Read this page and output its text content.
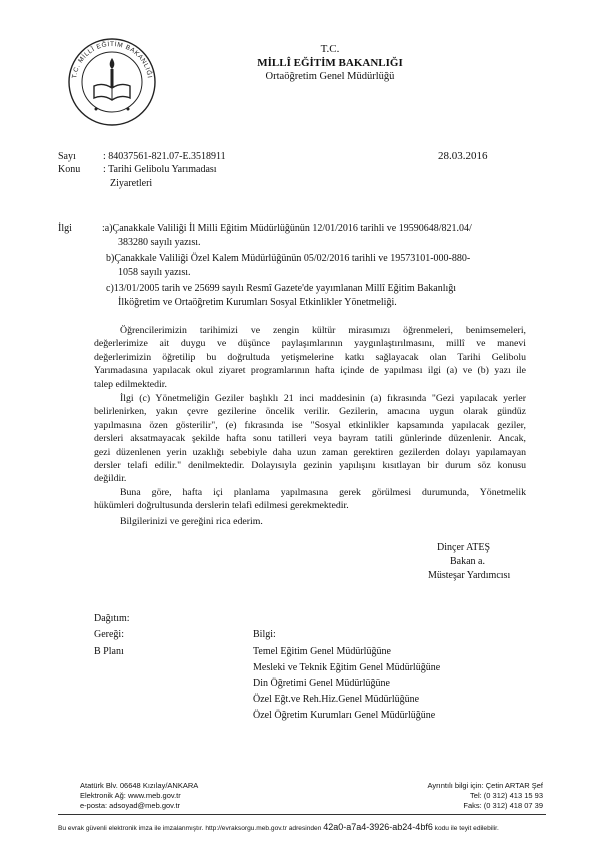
T.C. MİLLÎ EĞİTİM BAKANLIĞI
T.C.
MİLLÎ EĞİTİM BAKANLIĞI
Ortaöğretim Genel Müdürlüğü
Sayı	: 84037561-821.07-E.3518911	28.03.2016
Konu : Tarihi Gelibolu Yarımadası
Ziyaretleri
İlgi	:a)Çanakkale Valiliği İl Milli Eğitim Müdürlüğünün 12/01/2016 tarihli ve 19590648/821.04/
383280 sayılı yazısı.
b)Çanakkale Valiliği Özel Kalem Müdürlüğünün 05/02/2016 tarihli ve 19573101-000-880-
1058 sayılı yazısı.
c)13/01/2005 tarih ve 25699 sayılı Resmî Gazete'de yayımlanan Millî Eğitim Bakanlığı
İlköğretim ve Ortaöğretim Kurumları Sosyal Etkinlikler Yönetmeliği.
Öğrencilerimizin tarihimizi ve zengin kültür mirasımızı öğrenmeleri, benimsemeleri,
değerlerimize ait duygu ve düşünce paylaşımlarının yaygınlaştırılmasını, millî ve manevi
değerlerimizin öğretilip bu doğrultuda yetişmelerine katkı sağlayacak olan Tarihi Gelibolu
Yarımadasına yapılacak okul ziyaret programlarının hafta içinde de yapılması ilgi (a) ve (b) yazı ile
talep edilmektedir.
İlgi (c) Yönetmeliğin Geziler başlıklı 21 inci maddesinin (a) fıkrasında "Gezi yapılacak yerler
belirlenirken, yakın çevre gezilerine öncelik verilir. Gezilerin, amacına uygun olarak gündüz
yapılmasına özen gösterilir", (e) fıkrasında ise "Sosyal etkinlikler kapsamında yapılacak geziler,
dersleri aksatmayacak şekilde hafta sonu tatilleri veya bayram tatili günlerinde düzenlenir. Ancak,
gezi düzenlenen yerin uzaklığı sebebiyle daha uzun zaman gerektiren gezilerden dolayı yapılamayan
dersler telafi edilir." denilmektedir. Dolayısıyla gezinin yapılışını kısıtlayan bir durum söz konusu
değildir.
Buna göre, hafta içi planlama yapılmasına gerek görülmesi durumunda, Yönetmelik
hükümleri doğrultusunda derslerin telafi edilmesi gerekmektedir.
Bilgilerinizi ve gereğini rica ederim.
Dinçer ATEŞ
Bakan a.
Müsteşar Yardımcısı
Dağıtım:
Gereği:	Bilgi:
B Planı	Temel Eğitim Genel Müdürlüğüne
Mesleki ve Teknik Eğitim Genel Müdürlüğüne
Din Öğretimi Genel Müdürlüğüne
Özel Eğt.ve Reh.Hiz.Genel Müdürlüğüne
Özel Öğretim Kurumları Genel Müdürlüğüne
Atatürk Blv. 06648 Kızılay/ANKARA
Elektronik Ağ: www.meb.gov.tr
e-posta: adsoyad@meb.gov.tr
Ayrıntılı bilgi için: Çetin ARTAR Şef
Tel: (0 312) 413 15 93
Faks: (0 312) 418 07 39
Bu evrak güvenli elektronik imza ile imzalanmıştır. http://evraksorgu.meb.gov.tr adresinden 42a0-a7a4-3926-ab24-4bf6 kodu ile teyit edilebilir.
